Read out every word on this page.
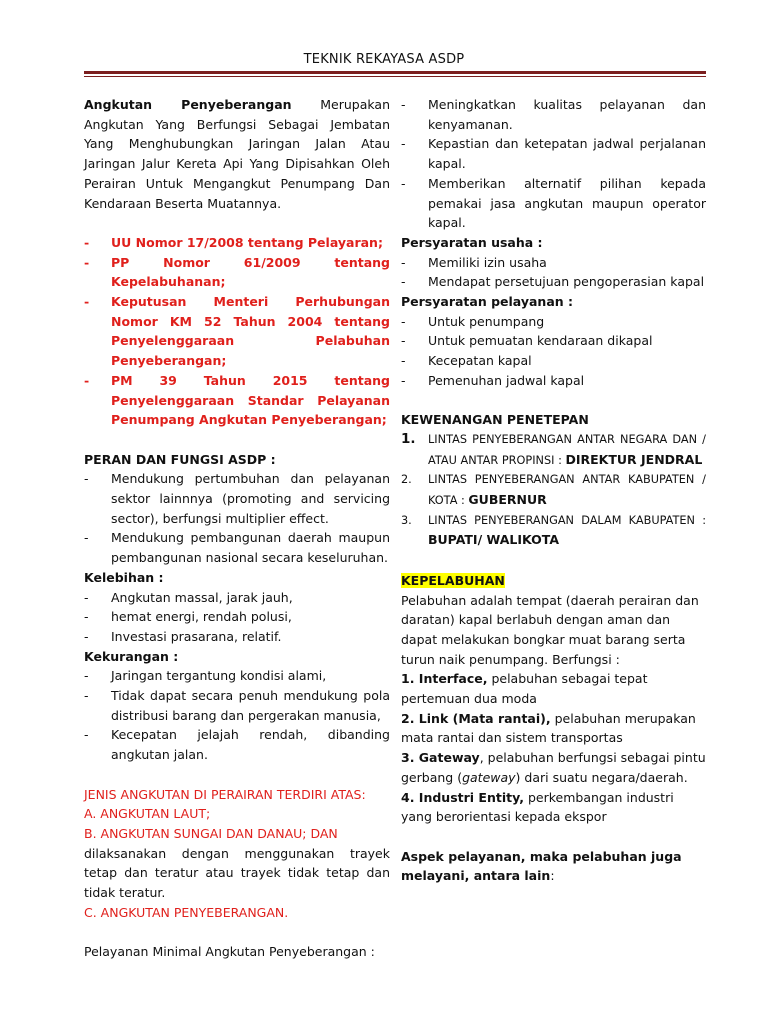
TEKNIK REKAYASA ASDP
Angkutan Penyeberangan Merupakan Angkutan Yang Berfungsi Sebagai Jembatan Yang Menghubungkan Jaringan Jalan Atau Jaringan Jalur Kereta Api Yang Dipisahkan Oleh Perairan Untuk Mengangkut Penumpang Dan Kendaraan Beserta Muatannya.
- UU Nomor 17/2008 tentang Pelayaran;
- PP Nomor 61/2009 tentang Kepelabuhanan;
- Keputusan Menteri Perhubungan Nomor KM 52 Tahun 2004 tentang Penyelenggaraan Pelabuhan Penyeberangan;
- PM 39 Tahun 2015 tentang Penyelenggaraan Standar Pelayanan Penumpang Angkutan Penyeberangan;
PERAN DAN FUNGSI ASDP :
- Mendukung pertumbuhan dan pelayanan sektor lainnnya (promoting and servicing sector), berfungsi multiplier effect.
- Mendukung pembangunan daerah maupun pembangunan nasional secara keseluruhan.
Kelebihan :
- Angkutan massal, jarak jauh,
- hemat energi, rendah polusi,
- Investasi prasarana, relatif.
Kekurangan :
- Jaringan tergantung kondisi alami,
- Tidak dapat secara penuh mendukung pola distribusi barang dan pergerakan manusia,
- Kecepatan jelajah rendah, dibanding angkutan jalan.
JENIS ANGKUTAN DI PERAIRAN TERDIRI ATAS:
A. ANGKUTAN LAUT;
B. ANGKUTAN SUNGAI DAN DANAU; DAN
dilaksanakan dengan menggunakan trayek tetap dan teratur atau trayek tidak tetap dan tidak teratur.
C. ANGKUTAN PENYEBERANGAN.
Pelayanan Minimal Angkutan Penyeberangan :
- Meningkatkan kualitas pelayanan dan kenyamanan.
- Kepastian dan ketepatan jadwal perjalanan kapal.
- Memberikan alternatif pilihan kepada pemakai jasa angkutan maupun operator kapal.
Persyaratan usaha :
- Memiliki izin usaha
- Mendapat persetujuan pengoperasian kapal
Persyaratan pelayanan :
- Untuk penumpang
- Untuk pemuatan kendaraan dikapal
- Kecepatan kapal
- Pemenuhan jadwal kapal
KEWENANGAN PENETEPAN
1. LINTAS PENYEBERANGAN ANTAR NEGARA DAN / ATAU ANTAR PROPINSI : DIREKTUR JENDRAL
2. LINTAS PENYEBERANGAN ANTAR KABUPATEN / KOTA : GUBERNUR
3. LINTAS PENYEBERANGAN DALAM KABUPATEN : BUPATI/ WALIKOTA
KEPELABUHAN
Pelabuhan adalah tempat (daerah perairan dan daratan) kapal berlabuh dengan aman dan dapat melakukan bongkar muat barang serta turun naik penumpang. Berfungsi :
1. Interface, pelabuhan sebagai tepat pertemuan dua moda
2. Link (Mata rantai), pelabuhan merupakan mata rantai dan sistem transportas
3. Gateway, pelabuhan berfungsi sebagai pintu gerbang (gateway) dari suatu negara/daerah.
4. Industri Entity, perkembangan industri yang berorientasi kepada ekspor
Aspek pelayanan, maka pelabuhan juga melayani, antara lain:
